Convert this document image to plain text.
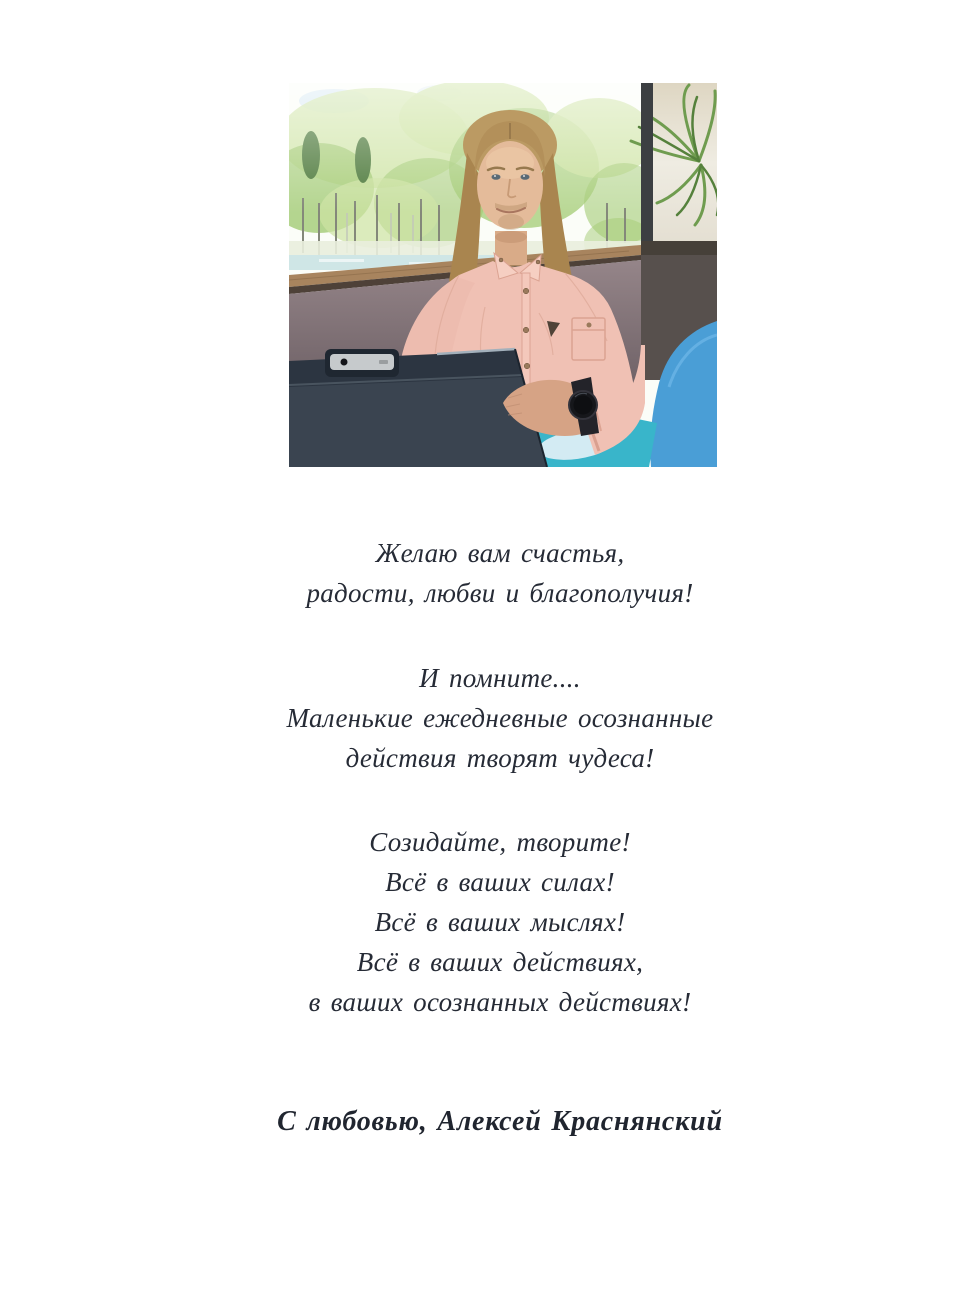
Желаю вам счастья,
радости, любви и благополучия!
И помните....
Маленькие ежедневные осознанные
действия творят чудеса!
Созидайте, творите!
Всё в ваших силах!
Всё в ваших мыслях!
Всё в ваших действиях,
в ваших осознанных действиях!
С любовью, Алексей Краснянский
